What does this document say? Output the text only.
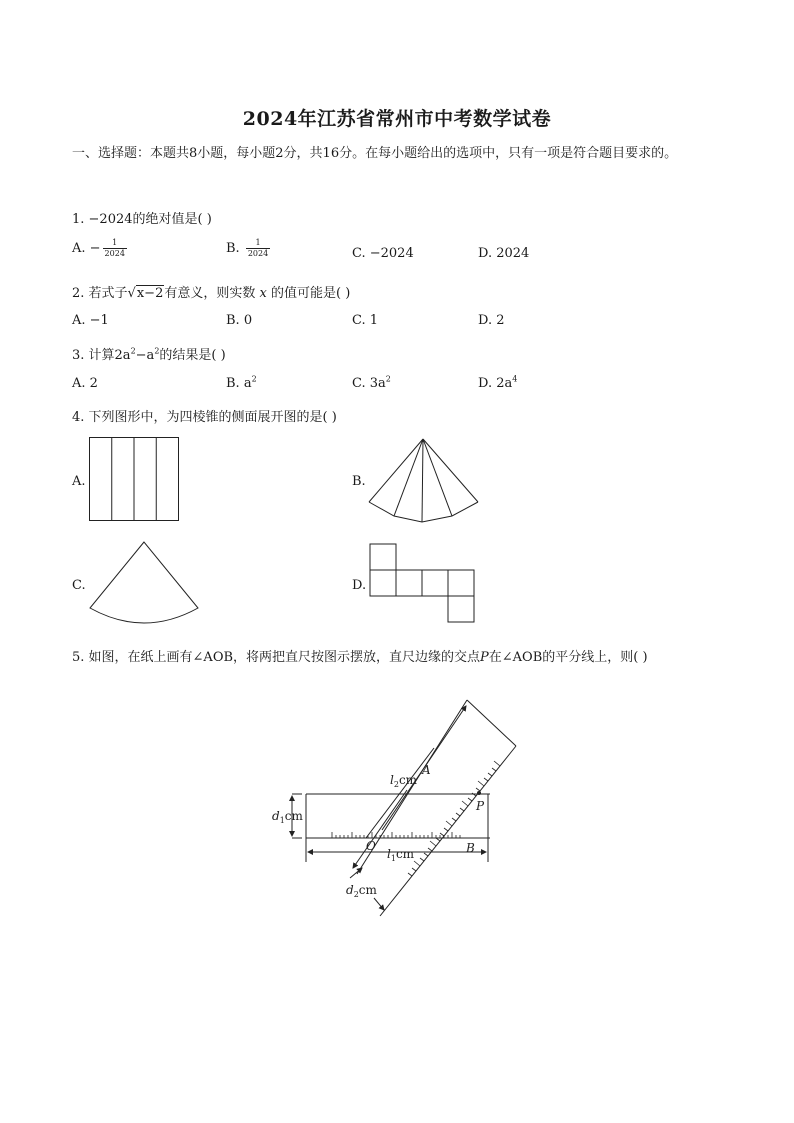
2024年江苏省常州市中考数学试卷
一、选择题：本题共8小题，每小题2分，共16分。在每小题给出的选项中，只有一项是符合题目要求的。
1. −2024的绝对值是( )
A. − $\frac{1}{2024}$	B. $\frac{1}{2024}$	C. −2024	D. 2024
2. 若式子√x−2有意义，则实数 x 的值可能是( )
A. −1	B. 0	C. 1	D. 2
3. 计算$2a^2-a^2$的结果是( )
A. 2	B. $a^2$	C. $3a^2$	D. $2a^4$
4. 下列图形中，为四棱锥的侧面展开图的是( )
A.	B.
C.	D.
5. 如图，在纸上画有∠AOB，将两把直尺按图示摆放，直尺边缘的交点P在∠AOB的平分线上，则( )
A
P
O	B
$l_2cm$
$l_1cm$
$d_1cm$
$d_2cm$
